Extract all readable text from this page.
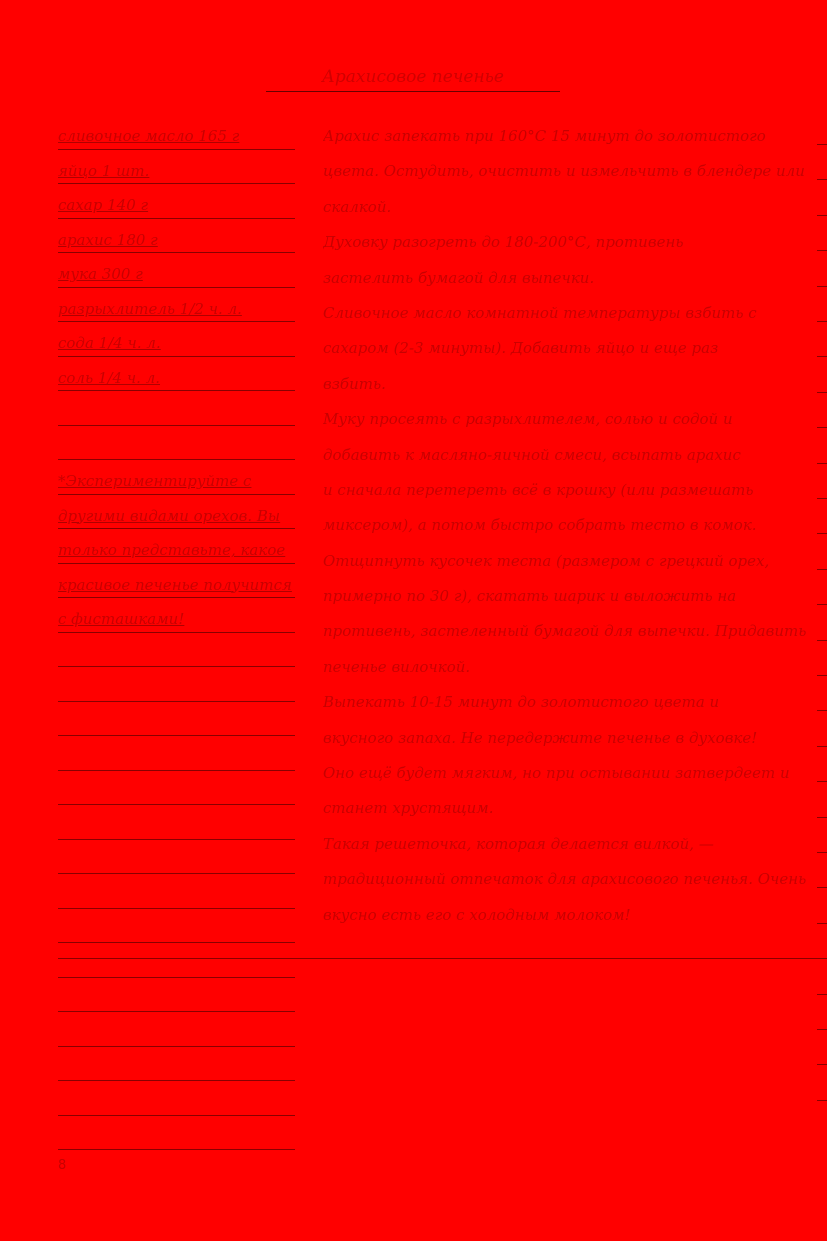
Арахисовое печенье
сливочное масло 165 г
яйцо 1 шт.
сахар 140 г
арахис 180 г
мука 300 г
разрыхлитель 1/2 ч. л.
сода 1/4 ч. л.
соль 1/4 ч. л.
*Экспериментируйте с
другими видами орехов. Вы
только представьте, какое
красивое печенье получится
с фисташками!
Арахис запекать при 160°С 15 минут до золотистого
цвета. Остудить, очистить и измельчить в блендере или
скалкой.
Духовку разогреть до 180-200°С, противень
застелить бумагой для выпечки.
Сливочное масло комнатной температуры взбить с
сахаром (2-3 минуты). Добавить яйцо и еще раз
взбить.
Муку просеять с разрыхлителем, солью и содой и
добавить к масляно-яичной смеси, всыпать арахис
и сначала перетереть всё в крошку (или размешать
миксером), а потом быстро собрать тесто в комок.
Отщипнуть кусочек теста (размером с грецкий орех,
примерно по 30 г), скатать шарик и выложить на
противень, застеленный бумагой для выпечки. Придавить
печенье вилочкой.
Выпекать 10-15 минут до золотистого цвета и
вкусного запаха. Не передержите печенье в духовке!
Оно ещё будет мягким, но при остывании затвердеет и
станет хрустящим.
Такая решеточка, которая делается вилкой, —
традиционный отпечаток для арахисового печенья. Очень
вкусно есть его с холодным молоком!
8
